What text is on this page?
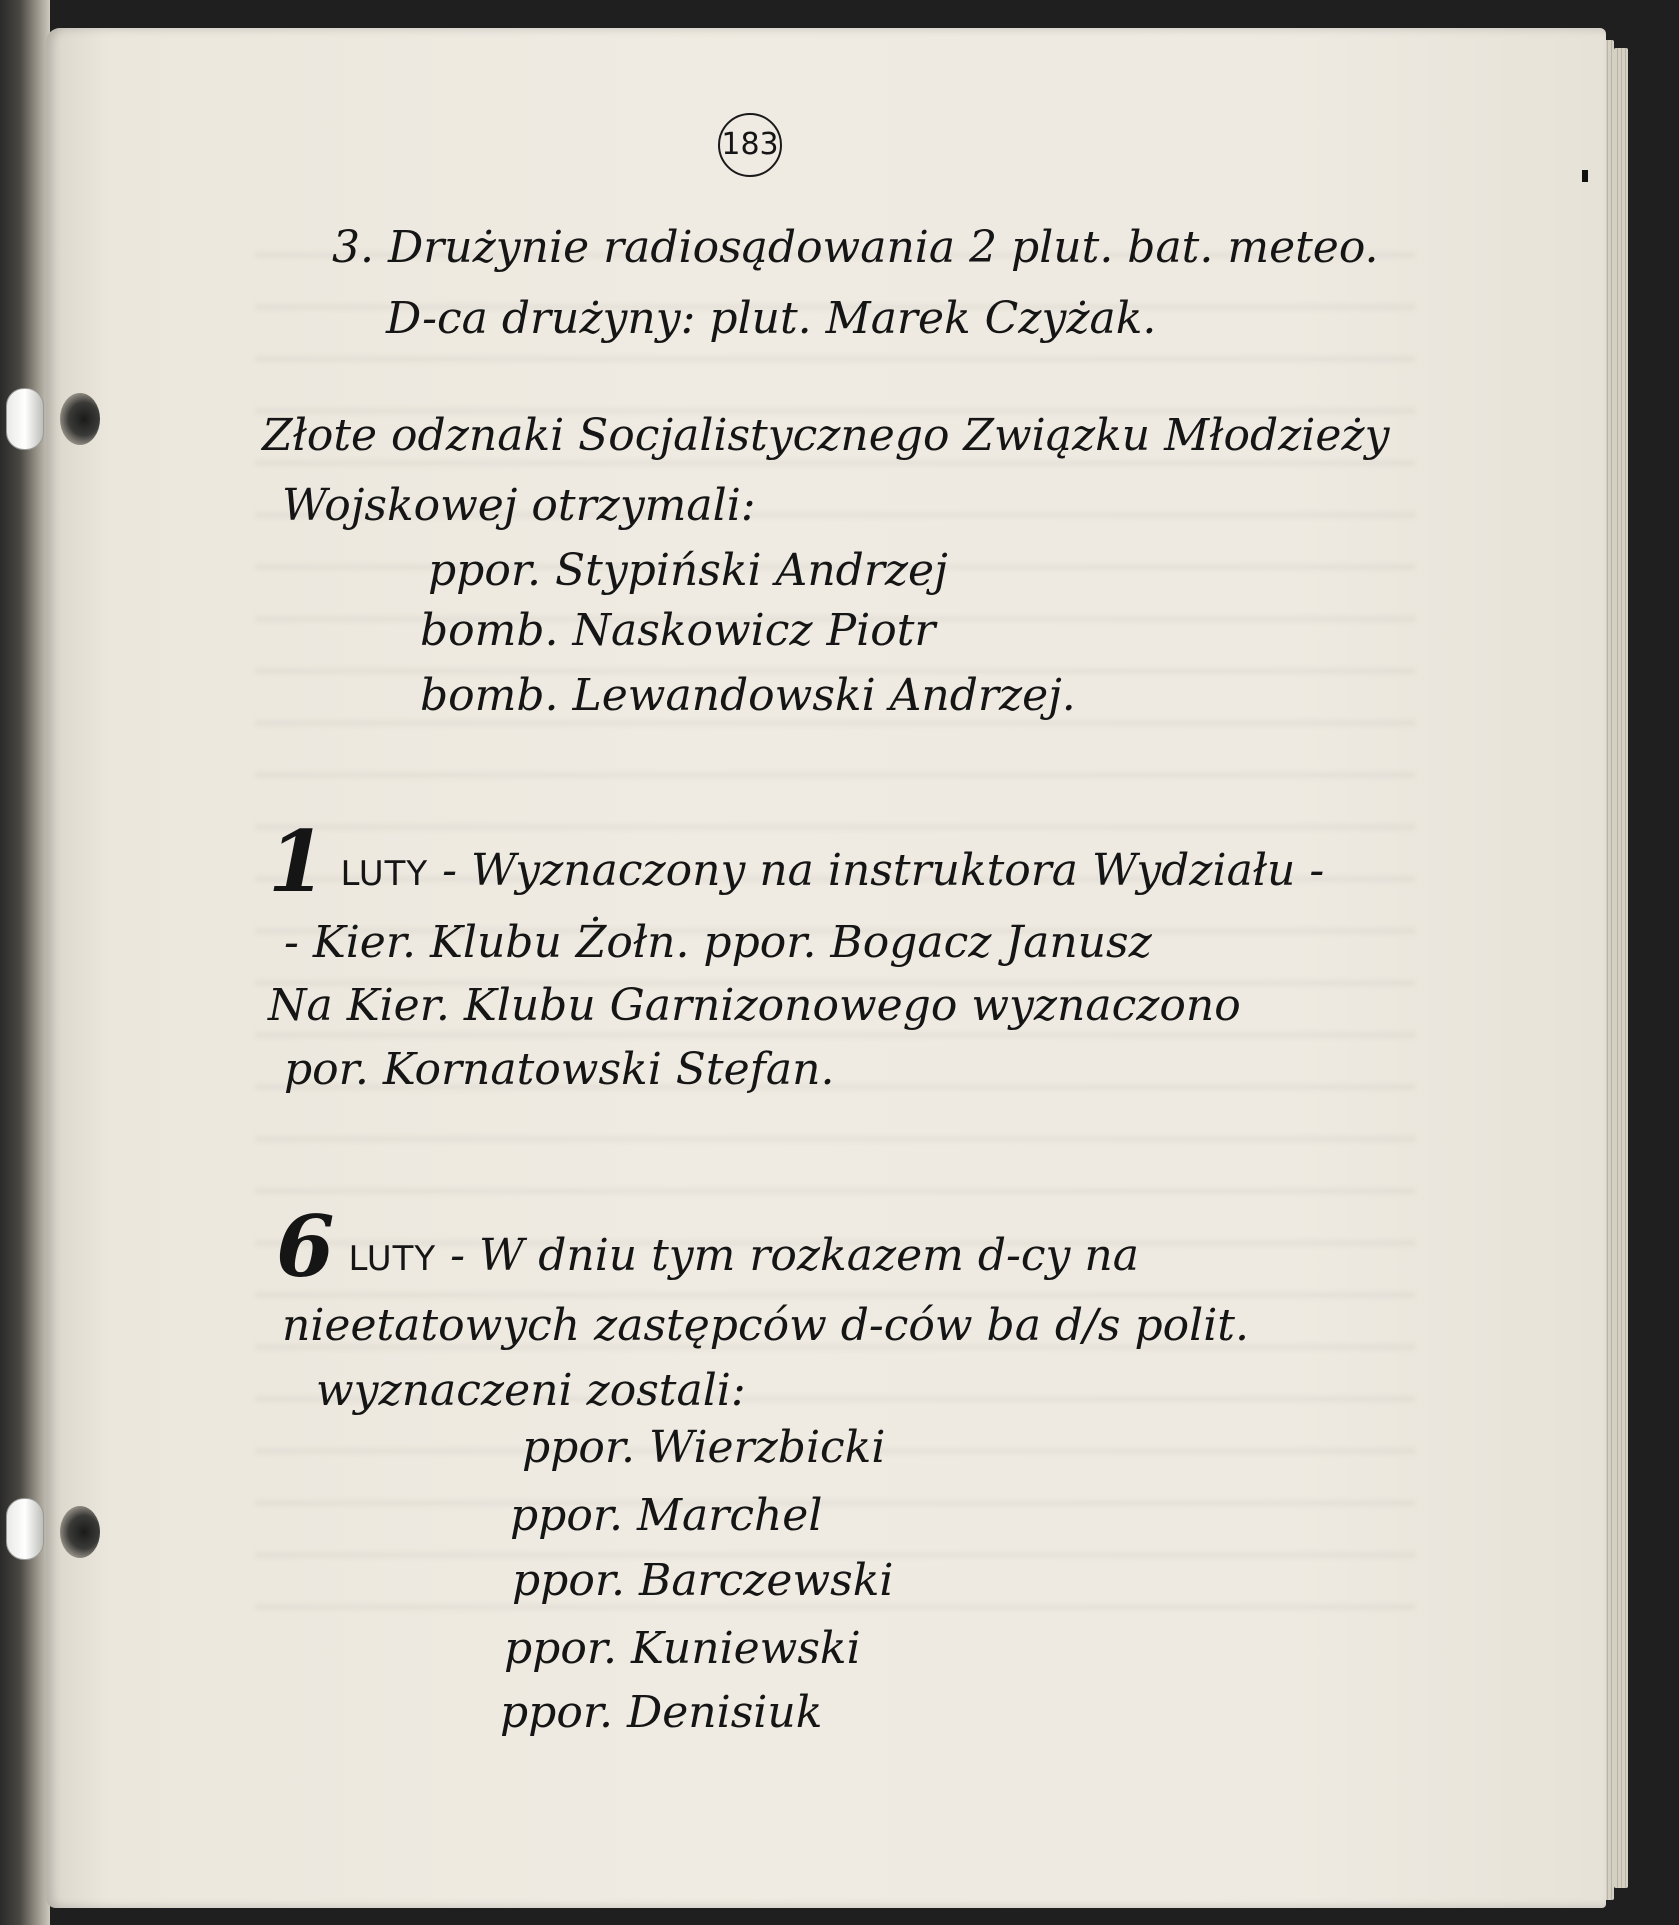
183
3. Drużynie radiosądowania 2 plut. bat. meteo.
D-ca drużyny: plut. Marek Czyżak.
Złote odznaki Socjalistycznego Związku Młodzieży
Wojskowej otrzymali:
ppor. Stypiński Andrzej
bomb. Naskowicz Piotr
bomb. Lewandowski Andrzej.
1 LUTY - Wyznaczony na instruktora Wydziału -
- Kier. Klubu Żołn. ppor. Bogacz Janusz
Na Kier. Klubu Garnizonowego wyznaczono
por. Kornatowski Stefan.
6 LUTY - W dniu tym rozkazem d-cy na
nieetatowych zastępców d-ców ba d/s polit.
wyznaczeni zostali:
ppor. Wierzbicki
ppor. Marchel
ppor. Barczewski
ppor. Kuniewski
ppor. Denisiuk
